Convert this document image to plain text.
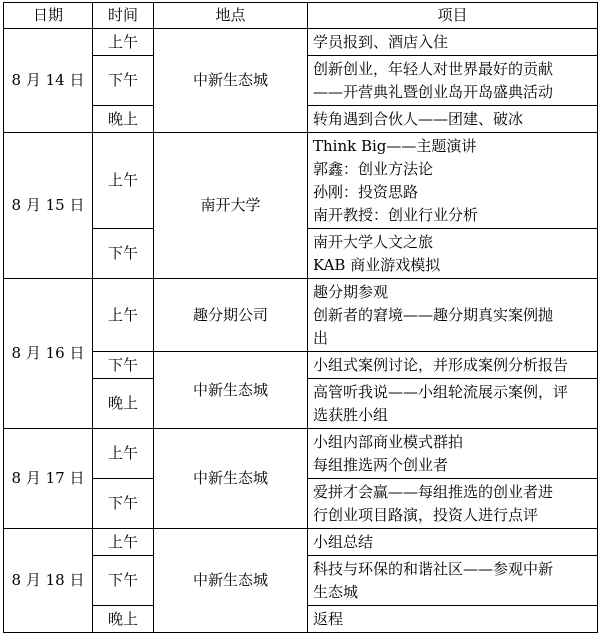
日期	时间	地点	项目
8 月 14 日	上午	中新生态城	学员报到、酒店入住

	下午		创新创业，年轻人对世界最好的贡献
——开营典礼暨创业岛开岛盛典活动

	晚上		转角遇到合伙人——团建、破冰

8 月 15 日	上午	南开大学	Think Big——主题演讲
郭鑫：创业方法论
孙刚：投资思路
南开教授：创业行业分析

	下午		南开大学人文之旅
KAB 商业游戏模拟

8 月 16 日	上午	趣分期公司	趣分期参观
创新者的窘境——趣分期真实案例抛
出

	下午	中新生态城	小组式案例讨论，并形成案例分析报告

	晚上		高管听我说——小组轮流展示案例，评
选获胜小组

8 月 17 日	上午	中新生态城	小组内部商业模式群拍
每组推选两个创业者

	下午		爱拼才会赢——每组推选的创业者进
行创业项目路演，投资人进行点评

8 月 18 日	上午	中新生态城	小组总结

	下午		科技与环保的和谐社区——参观中新
生态城

	晚上		返程
